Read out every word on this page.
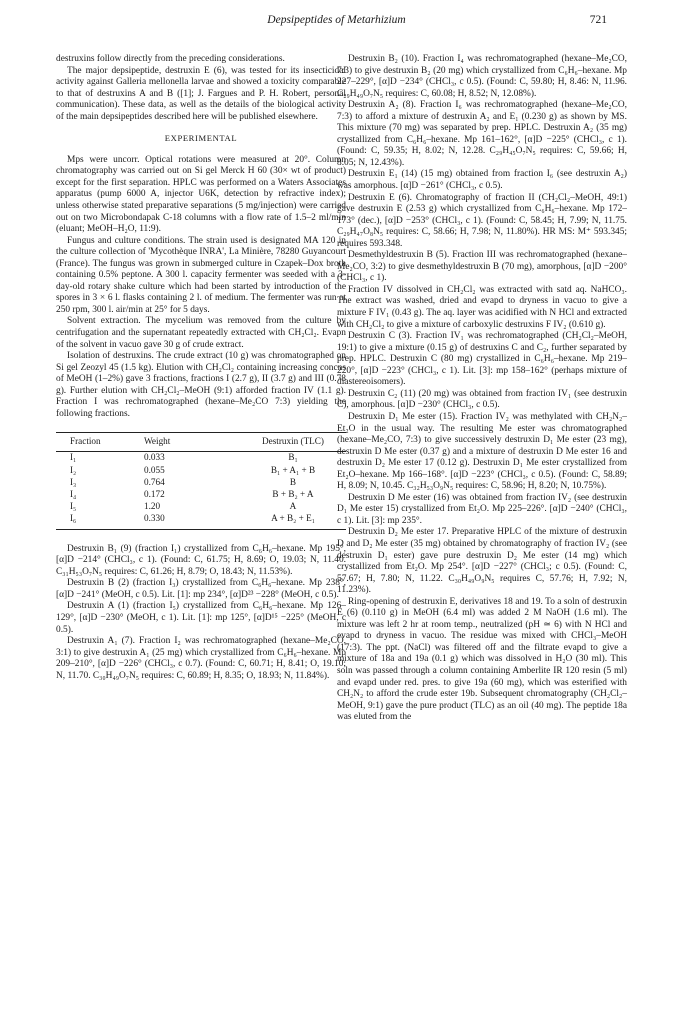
Depsipeptides of Metarhizium	721

destruxins follow directly from the preceding considerations.

The major depsipeptide, destruxin E (6), was tested for its insecticidal activity against Galleria mellonella larvae and showed a toxicity comparable to that of destruxins A and B ([1]; J. Fargues and P. H. Robert, personal communication). These data, as well as the details of the biological activity of the main depsipeptides described here will be published elsewhere.

EXPERIMENTAL

Mps were uncorr. Optical rotations were measured at 20°. Column chromatography was carried out on Si gel Merck H 60 (30× wt of product) except for the first separation. HPLC was performed on a Waters Associates apparatus (pump 6000 A, injector U6K, detection by refractive index); unless otherwise stated preparative separations (5 mg/injection) were carried out on two Microbondapak C-18 columns with a flow rate of 1.5–2 ml/min (eluant; MeOH–H₂O, 11:9).

Fungus and culture conditions. The strain used is designated MA 120 in the culture collection of 'Mycothèque INRA', La Minière, 78280 Guyancourt (France). The fungus was grown in submerged culture in Czapek–Dox broth containing 0.5% peptone. A 300 l. capacity fermenter was seeded with a 3-day-old rotary shake culture which had been started by introduction of the spores in 3 × 6 l. flasks containing 2 l. of medium. The fermenter was run at 250 rpm, 300 l. air/min at 25° for 5 days.

Solvent extraction. The mycelium was removed from the culture by centrifugation and the supernatant repeatedly extracted with CH₂Cl₂. Evapn of the solvent in vacuo gave 30 g of crude extract.

Isolation of destruxins. The crude extract (10 g) was chromatographed on Si gel Zeozyl 45 (1.5 kg). Elution with CH₂Cl₂ containing increasing concns of MeOH (1–2%) gave 3 fractions, fractions I (2.7 g), II (3.7 g) and III (0.78 g). Further elution with CH₂Cl₂–MeOH (9:1) afforded fraction IV (1.1 g). Fraction I was rechromatographed (hexane–Me₂CO 7:3) yielding the following fractions.

Fraction	Weight	Destruxin (TLC)
I₁	0.033	B₁
I₂	0.055	B₁ + A₁ + B
I₃	0.764	B
I₄	0.172	B + B₂ + A
I₅	1.20	A
I₆	0.330	A + B₂ + E₁

Destruxin B₁ (9) (fraction I₁) crystallized from C₆H₆–hexane. Mp 195°, [α]D −214° (CHCl₃, c 1). (Found: C, 61.75; H, 8.69; O, 19.03; N, 11.40. C₃₁H₅₃O₇N₅ requires: C, 61.26; H, 8.79; O, 18.43; N, 11.53%).

Destruxin B (2) (fraction I₃) crystallized from C₆H₆–hexane. Mp 238°, [α]D −241° (MeOH, c 0.5). Lit. [1]: mp 234°, [α]D²³ −228° (MeOH, c 0.5).

Destruxin A (1) (fraction I₅) crystallized from C₆H₆–hexane. Mp 126–129°, [α]D −230° (MeOH, c 1). Lit. [1]: mp 125°, [α]D¹⁵ −225° (MeOH, c 0.5).

Destruxin A₁ (7). Fraction I₂ was rechromatographed (hexane–Me₂CO, 3:1) to give destruxin A₁ (25 mg) which crystallized from C₆H₆–hexane. Mp 209–210°, [α]D −226° (CHCl₃, c 0.7). (Found: C, 60.71; H, 8.41; O, 19.10; N, 11.70. C₃₀H₄₉O₇N₅ requires: C, 60.89; H, 8.35; O, 18.93; N, 11.84%).

Destruxin B₂ (10). Fraction I₄ was rechromatographed (hexane–Me₂CO, 7:3) to give destruxin B₂ (20 mg) which crystallized from C₆H₆–hexane. Mp 227–229°, [α]D −234° (CHCl₃, c 0.5). (Found: C, 59.80; H, 8.46: N, 11.96. C₂₉H₄₉O₇N₅ requires: C, 60.08; H, 8.52; N, 12.08%).

Destruxin A₂ (8). Fraction I₆ was rechromatographed (hexane–Me₂CO, 7:3) to afford a mixture of destruxin A₂ and E₁ (0.230 g) as shown by MS. This mixture (70 mg) was separated by prep. HPLC. Destruxin A₂ (35 mg) crystallized from C₆H₆–hexane. Mp 161–162°, [α]D −225° (CHCl₃, c 1). (Found: C, 59.35; H, 8.02; N, 12.28. C₂₉H₄₅O₇N₅ requires: C, 59.66; H, 8.05; N, 12.43%).

Destruxin E₁ (14) (15 mg) obtained from fraction I₆ (see destruxin A₂) was amorphous. [α]D −261° (CHCl₃, c 0.5).

Destruxin E (6). Chromatography of fraction II (CH₂Cl₂–MeOH, 49:1) gave destruxin E (2.53 g) which crystallized from C₆H₆–hexane. Mp 172–173° (dec.), [α]D −253° (CHCl₃, c 1). (Found: C, 58.45; H, 7.99; N, 11.75. C₂₉H₄₇O₈N₅ requires: C, 58.66; H, 7.98; N, 11.80%). HR MS: M⁺ 593.345; requires 593.348.

Desmethyldestruxin B (5). Fraction III was rechromatographed (hexane–Me₂CO, 3:2) to give desmethyldestruxin B (70 mg), amorphous, [α]D −200° (CHCl₃, c 1).

Fraction IV dissolved in CH₂Cl₂ was extracted with satd aq. NaHCO₃. The extract was washed, dried and evapd to dryness in vacuo to give a mixture F IV₁ (0.43 g). The aq. layer was acidified with N HCl and extracted with CH₂Cl₂ to give a mixture of carboxylic destruxins F IV₂ (0.610 g).

Destruxin C (3). Fraction IV₁ was rechromatographed (CH₂Cl₂–MeOH, 19:1) to give a mixture (0.15 g) of destruxins C and C₂, further separated by prep. HPLC. Destruxin C (80 mg) crystallized in C₆H₆–hexane. Mp 219–220°, [α]D −223° (CHCl₃, c 1). Lit. [3]: mp 158–162° (perhaps mixture of diastereoisomers).

Destruxin C₂ (11) (20 mg) was obtained from fraction IV₁ (see destruxin C), amorphous. [α]D −230° (CHCl₃, c 0.5).

Destruxin D₁ Me ester (15). Fraction IV₂ was methylated with CH₂N₂–Et₂O in the usual way. The resulting Me ester was chromatographed (hexane–Me₂CO, 7:3) to give successively destruxin D₁ Me ester (23 mg), destruxin D Me ester (0.37 g) and a mixture of destruxin D Me ester 16 and destruxin D₂ Me ester 17 (0.12 g). Destruxin D₁ Me ester crystallized from Et₂O–hexane. Mp 166–168°. [α]D −223° (CHCl₃, c 0.5). (Found: C, 58.89; H, 8.09; N, 10.45. C₃₂H₅₃O₉N₅ requires: C, 58.96; H, 8.20; N, 10.75%).

Destruxin D Me ester (16) was obtained from fraction IV₂ (see destruxin D₁ Me ester 15) crystallized from Et₂O. Mp 225–226°. [α]D −240° (CHCl₃, c 1). Lit. [3]: mp 235°.

Destruxin D₂ Me ester 17. Preparative HPLC of the mixture of destruxin D and D₂ Me ester (35 mg) obtained by chromatography of fraction IV₂ (see destruxin D₁ ester) gave pure destruxin D₂ Me ester (14 mg) which crystallized from Et₂O. Mp 254°. [α]D −227° (CHCl₃; c 0.5). (Found: C, 57.67; H, 7.80; N, 11.22. C₃₀H₄₉O₉N₅ requires C, 57.76; H, 7.92; N, 11.23%).

Ring-opening of destruxin E, derivatives 18 and 19. To a soln of destruxin E (6) (0.110 g) in MeOH (6.4 ml) was added 2 M NaOH (1.6 ml). The mixture was left 2 hr at room temp., neutralized (pH ≃ 6) with N HCl and evapd to dryness in vacuo. The residue was mixed with CHCl₃–MeOH (17:3). The ppt. (NaCl) was filtered off and the filtrate evapd to give a mixture of 18a and 19a (0.1 g) which was dissolved in H₂O (30 ml). This soln was passed through a column containing Amberlite IR 120 resin (5 ml) and evapd under red. pres. to give 19a (60 mg), which was esterified with CH₂N₂ to afford the crude ester 19b. Subsequent chromatography (CH₂Cl₂–MeOH, 9:1) gave the pure product (TLC) as an oil (40 mg). The peptide 18a was eluted from the
